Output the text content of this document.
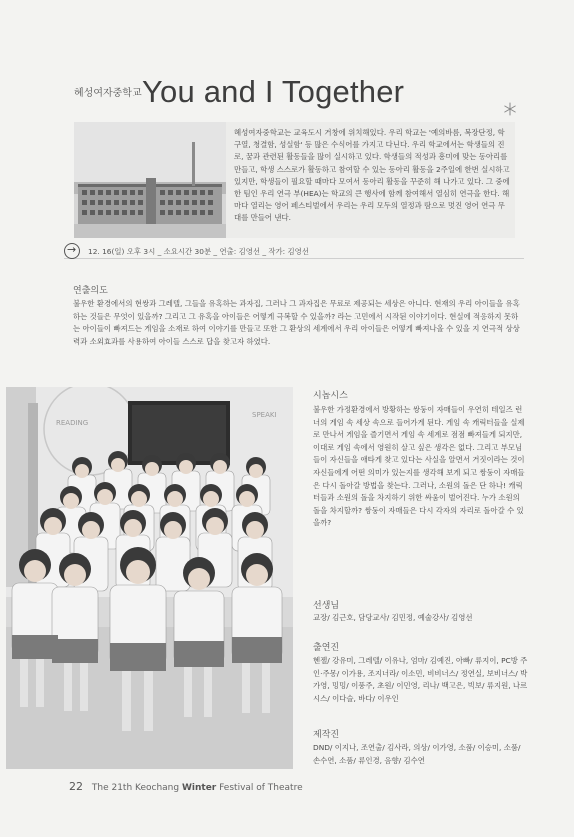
혜성여자중학교 You and I Together
혜성여자중학교는 교육도시 거창에 위치해있다. 우리 학교는 '예의바름, 복장단정, 학구열, 청결함, 성실함' 등 많은 수식어를 가지고 다닌다. 우리 학교에서는 학생들의 진로, 꿈과 관련된 활동들을 많이 실시하고 있다. 학생들의 적성과 흥미에 맞는 동아리를 만들고, 학생 스스로가 활동하고 참여할 수 있는 동아리 활동을 2주일에 한번 실시하고 있지만, 학생들이 필요할 때마다 모여서 동아리 활동을 꾸준히 해 나가고 있다. 그 중에 한 팀인 우리 연극 부(HEA)는 학교의 큰 행사에 함께 참여해서 열심히 연극을 한다. 해마다 열리는 영어 페스티벌에서 우리는 우리 모두의 열정과 땀으로 멋진 영어 연극 무대를 만들어 낸다.
→ 12. 16(일) 오후 3시 _ 소요시간 30분 _ 연출: 김영선 _ 작가: 김영선
연출의도
불우한 환경에서의 현쌍과 그레텔, 그들을 유혹하는 과자집, 그러나 그 과자집은 무료로 제공되는 세상은 아니다. 현재의 우리 아이들을 유혹하는 것들은 무엇이 있을까? 그리고 그 유혹을 아이들은 어떻게 극복할 수 있을까? 라는 고민에서 시작된 이야기이다. 현실에 적응하지 못하는 아이들이 빠져드는 게임을 소재로 하여 이야기를 만들고 또한 그 환상의 세계에서 우리 아이들은 어떻게 빠져나올 수 있을 지 연극적 상상력과 소외효과를 사용하여 아이들 스스로 답을 찾고자 하였다.
READING
SPEAKI
시놉시스
불우한 가정환경에서 방황하는 쌍둥이 자매들이 우연히 테일즈 런너의 게임 속 세상 속으로 들어가게 된다. 게임 속 캐릭터들을 실제로 만나서 게임을 즐기면서 게임 속 세계로 점점 빠져들게 되지만, 이대로 게임 속에서 영원히 살고 싶은 생각은 없다. 그리고 부모님들이 자신들을 애타게 찾고 있다는 사실을 알면서 거짓이라는 것이 자신들에게 어떤 의미가 있는지를 생각해 보게 되고 쌍둥이 자매들은 다시 돌아갈 방법을 찾는다. 그러나, 소원의 돌은 단 하나! 캐릭터들과 소원의 돌을 차지하기 위한 싸움이 벌어진다. 누가 소원의 돌을 차지할까? 쌍둥이 자매들은 다시 각자의 자리로 돌아갈 수 있을까?
선생님
교장/ 김근호, 담당교사/ 김민정, 예술강사/ 김영선
출연진
헨젤/ 강유미, 그레텔/ 이유나, 엄마/ 김예진, 아빠/ 류지이, PC방 주인·주몽/ 이가용, 조지너라/ 이소민, 비비너스/ 정연실, 보비너스/ 박가영, 밍밍/ 이풍주, 초원/ 이민영, 리나/ 백고은, 빅보/ 류지원, 나르시스/ 이다슬, 바다/ 이우인
제작진
DND/ 이지나, 조연출/ 김사라, 의상/ 이가영, 소품/ 이승미, 소품/ 손수연, 소품/ 류인경, 음향/ 김수연
22 The 21th Keochang Winter Festival of Theatre
